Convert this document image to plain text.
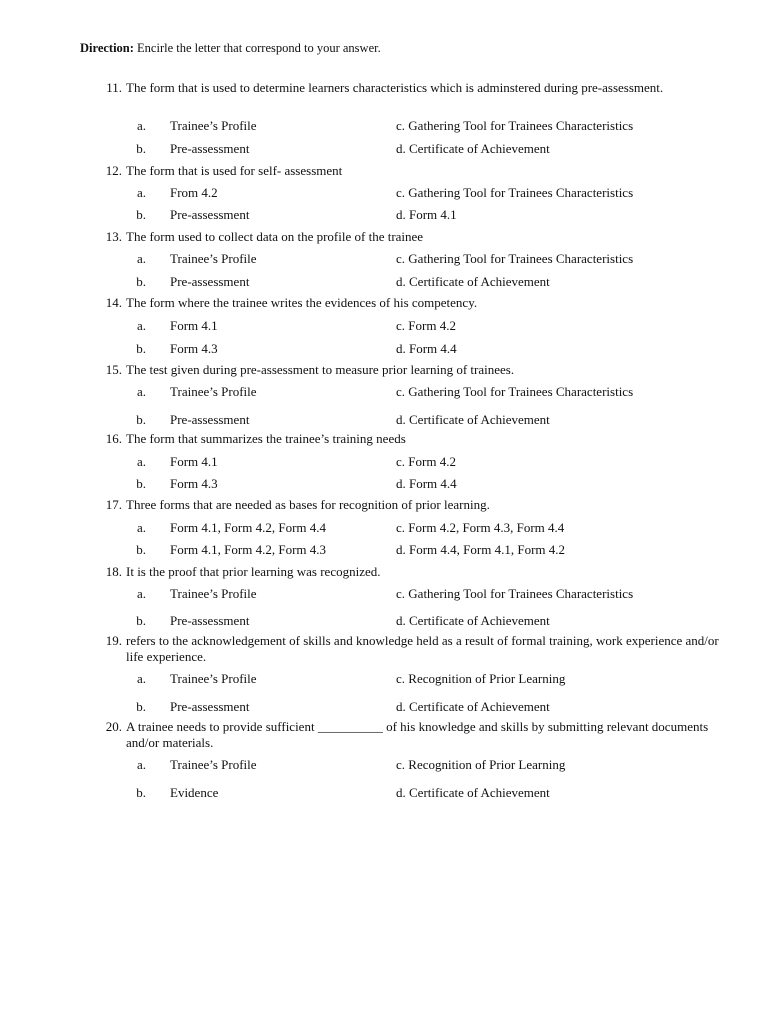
Direction: Encirle the letter that correspond to your answer.
11. The form that is used to determine learners characteristics which is adminstered during pre-assessment.
a. Trainee’s Profile
b. Pre-assessment
c. Gathering Tool for Trainees Characteristics
d. Certificate of Achievement
12. The form that is used for self- assessment
a. From 4.2
b. Pre-assessment
c. Gathering Tool for Trainees Characteristics
d. Form 4.1
13. The form used to collect data on the profile of the trainee
a. Trainee’s Profile
b. Pre-assessment
c. Gathering Tool for Trainees Characteristics
d. Certificate of Achievement
14. The form where the trainee writes the evidences of his competency.
a. Form 4.1
b. Form 4.3
c. Form 4.2
d. Form 4.4
15. The test given during pre-assessment to measure prior learning of trainees.
a. Trainee’s Profile
b. Pre-assessment
c. Gathering Tool for Trainees Characteristics
d. Certificate of Achievement
16. The form that summarizes the trainee’s training needs
a. Form 4.1
b. Form 4.3
c. Form 4.2
d. Form 4.4
17. Three forms that are needed as bases for recognition of prior learning.
a. Form 4.1, Form 4.2, Form 4.4
b. Form 4.1, Form 4.2, Form 4.3
c. Form 4.2, Form 4.3, Form 4.4
d. Form 4.4, Form 4.1, Form 4.2
18. It is the proof that prior learning was recognized.
a. Trainee’s Profile
b. Pre-assessment
c. Gathering Tool for Trainees Characteristics
d. Certificate of Achievement
19. refers to the acknowledgement of skills and knowledge held as a result of formal training, work experience and/or life experience.
a. Trainee’s Profile
b. Pre-assessment
c. Recognition of Prior Learning
d. Certificate of Achievement
20. A trainee needs to provide sufficient __________ of his knowledge and skills by submitting relevant documents and/or materials.
a. Trainee’s Profile
b. Evidence
c. Recognition of Prior Learning
d. Certificate of Achievement
